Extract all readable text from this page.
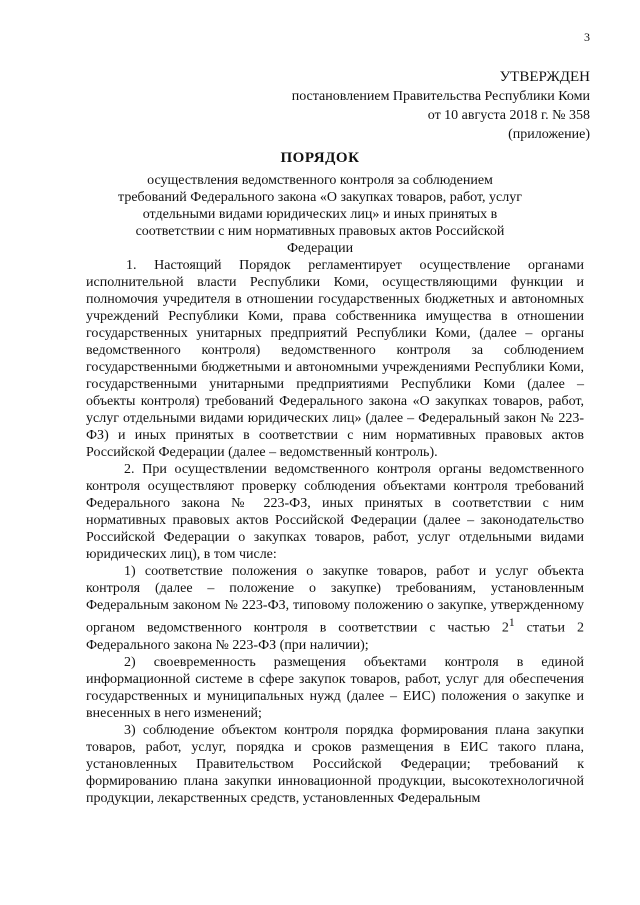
3
УТВЕРЖДЕН
постановлением Правительства Республики Коми
от 10 августа 2018 г. № 358
(приложение)
ПОРЯДОК
осуществления ведомственного контроля за соблюдением требований Федерального закона «О закупках товаров, работ, услуг отдельными видами юридических лиц» и иных принятых в соответствии с ним нормативных правовых актов Российской Федерации

1. Настоящий Порядок регламентирует осуществление органами исполнительной власти Республики Коми, осуществляющими функции и полномочия учредителя в отношении государственных бюджетных и автономных учреждений Республики Коми, права собственника имущества в отношении государственных унитарных предприятий Республики Коми, (далее – органы ведомственного контроля) ведомственного контроля за соблюдением государственными бюджетными и автономными учреждениями Республики Коми, государственными унитарными предприятиями Республики Коми (далее – объекты контроля) требований Федерального закона «О закупках товаров, работ, услуг отдельными видами юридических лиц» (далее – Федеральный закон № 223-ФЗ) и иных принятых в соответствии с ним нормативных правовых актов Российской Федерации (далее – ведомственный контроль).

2. При осуществлении ведомственного контроля органы ведомственного контроля осуществляют проверку соблюдения объектами контроля требований Федерального закона № 223-ФЗ, иных принятых в соответствии с ним нормативных правовых актов Российской Федерации (далее – законодательство Российской Федерации о закупках товаров, работ, услуг отдельными видами юридических лиц), в том числе:

1) соответствие положения о закупке товаров, работ и услуг объекта контроля (далее – положение о закупке) требованиям, установленным Федеральным законом № 223-ФЗ, типовому положению о закупке, утвержденному органом ведомственного контроля в соответствии с частью $2^1$ статьи 2 Федерального закона № 223-ФЗ (при наличии);

2) своевременность размещения объектами контроля в единой информационной системе в сфере закупок товаров, работ, услуг для обеспечения государственных и муниципальных нужд (далее – ЕИС) положения о закупке и внесенных в него изменений;

3) соблюдение объектом контроля порядка формирования плана закупки товаров, работ, услуг, порядка и сроков размещения в ЕИС такого плана, установленных Правительством Российской Федерации; требований к формированию плана закупки инновационной продукции, высокотехнологичной продукции, лекарственных средств, установленных Федеральным
